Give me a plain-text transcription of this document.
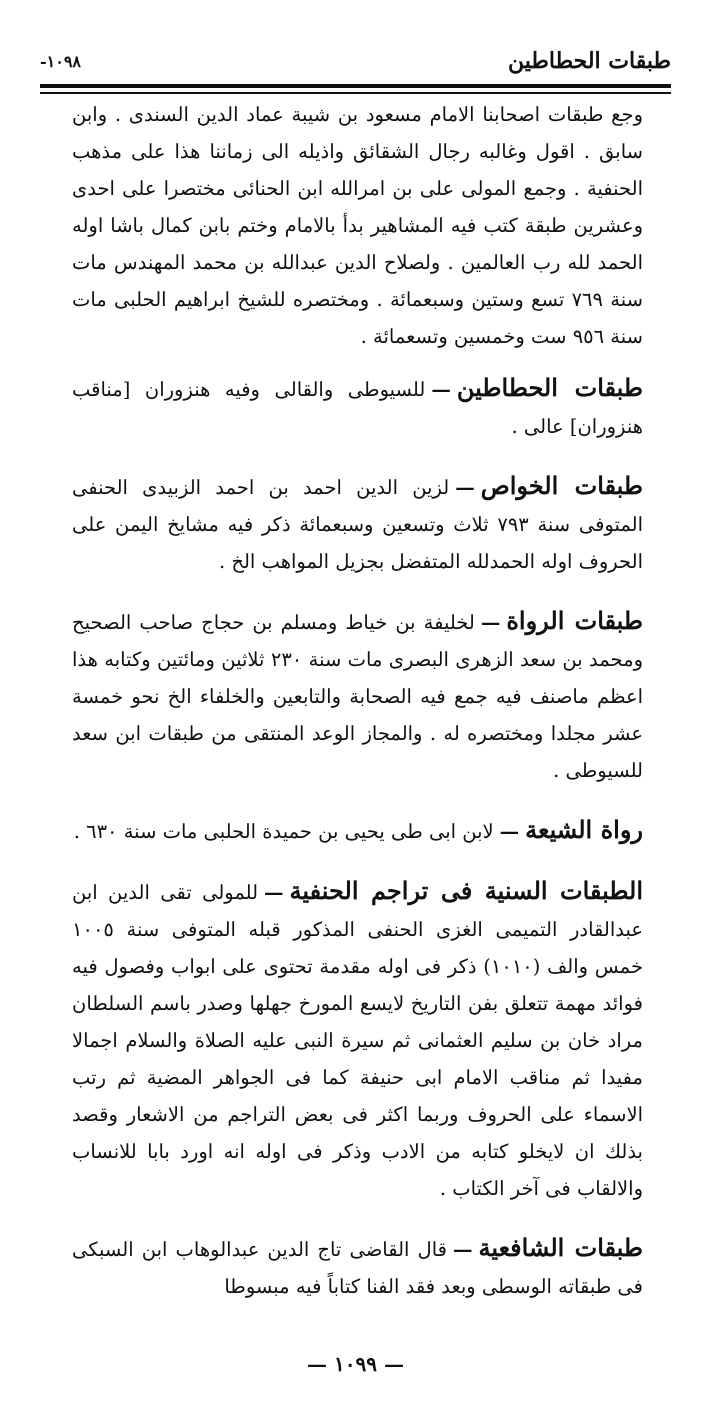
طبقات الحطاطين
-١٠٩٨

وجع طبقات اصحابنا الامام مسعود بن شيبة عماد الدين السندى . وابن سابق . اقول وغالبه رجال الشقائق واذيله الى زماننا هذا على مذهب الحنفية . وجمع المولى على بن امرالله ابن الحنائى مختصرا على احدى وعشرين طبقة كتب فيه المشاهير بدأ بالامام وختم بابن كمال باشا اوله الحمد لله رب العالمين . ولصلاح الدين عبدالله بن محمد المهندس مات سنة ٧٦٩ تسع وستين وسبعمائة . ومختصره للشيخ ابراهيم الحلبى مات سنة ٩٥٦ ست وخمسين وتسعمائة .

طبقات الحطاطين—للسيوطى والقالى وفيه هنزوران [مناقب هنزوران] عالى .

طبقات الخواص—لزين الدين احمد بن احمد الزبيدى الحنفى المتوفى سنة ٧٩٣ ثلاث وتسعين وسبعمائة ذكر فيه مشايخ اليمن على الحروف اوله الحمدلله المتفضل بجزيل المواهب الخ .

طبقات الرواة—لخليفة بن خياط ومسلم بن حجاج صاحب الصحيح ومحمد بن سعد الزهرى البصرى مات سنة ٢٣٠ ثلاثين ومائتين وكتابه هذا اعظم ماصنف فيه جمع فيه الصحابة والتابعين والخلفاء الخ نحو خمسة عشر مجلدا ومختصره له . والمجاز الوعد المنتقى من طبقات ابن سعد للسيوطى .

رواة الشيعة—لابن ابى طى يحيى بن حميدة الحلبى مات سنة ٦٣٠ .

الطبقات السنية فى تراجم الحنفية—للمولى تقى الدين ابن عبدالقادر التميمى الغزى الحنفى المذكور قبله المتوفى سنة ١٠٠٥ خمس والف (١٠١٠) ذكر فى اوله مقدمة تحتوى على ابواب وفصول فيه فوائد مهمة تتعلق بفن التاريخ لايسع المورخ جهلها وصدر باسم السلطان مراد خان بن سليم العثمانى ثم سيرة النبى عليه الصلاة والسلام اجمالا مفيدا ثم مناقب الامام ابى حنيفة كما فى الجواهر المضية ثم رتب الاسماء على الحروف وربما اكثر فى بعض التراجم من الاشعار وقصد بذلك ان لايخلو كتابه من الادب وذكر فى اوله انه اورد بابا للانساب والالقاب فى آخر الكتاب .

طبقات الشافعية—قال القاضى تاج الدين عبدالوهاب ابن السبكى فى طبقاته الوسطى وبعد فقد الفنا كتاباً فيه مبسوطا

— ١٠٩٩ —
